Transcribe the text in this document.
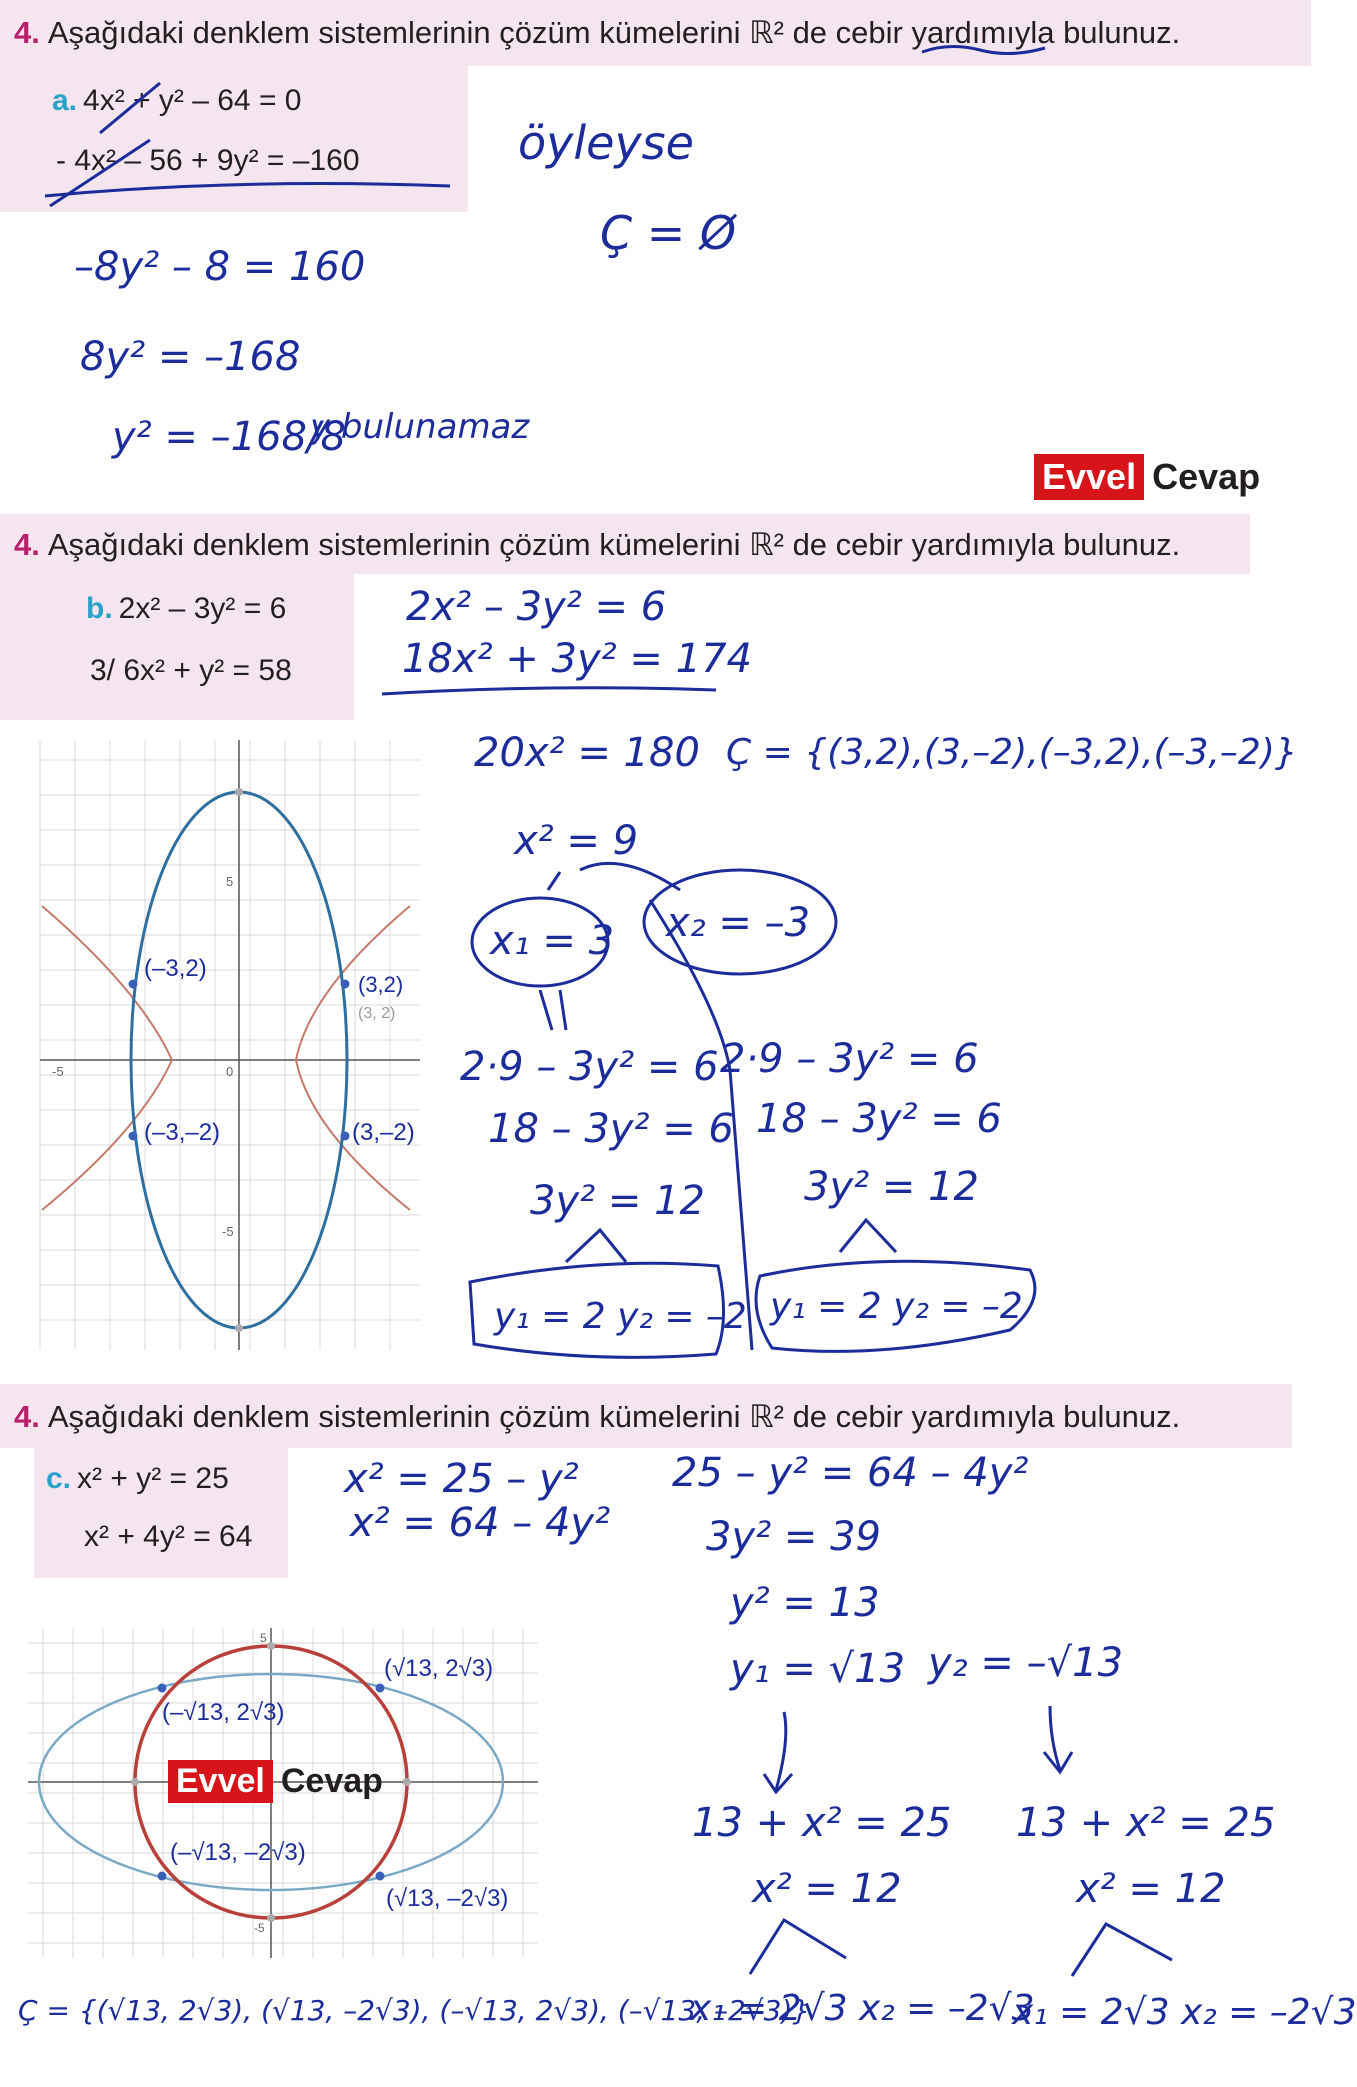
4. Aşağıdaki denklem sistemlerinin çözüm kümelerini ℝ² de cebir yardımıyla bulunuz.
a. 4x² + y² – 64 = 0
- 4x² – 56 + 9y² = –160	öyleyse
Ç = Ø
–8y² – 8 = 160
8y² = –168
y² = –168/8
y bulunamaz
Evvel Cevap
4. Aşağıdaki denklem sistemlerinin çözüm kümelerini ℝ² de cebir yardımıyla bulunuz.
b. 2x² – 3y² = 6
3/ 6x² + y² = 58
2x² – 3y² = 6
18x² + 3y² = 174
20x² = 180 Ç = {(3,2),(3,–2),(–3,2),(–3,–2)}
x² = 9
x₁ = 3 x₂ = –3
2·9 – 3y² = 6
18 – 3y² = 6
3y² = 12
2·9 – 3y² = 6
18 – 3y² = 6
3y² = 12
y₁ = 2 y₂ = –2 y₁ = 2 y₂ = –2
5
-5
-5	0
(–3,2)
(3,2)
(3, 2)
(–3,–2)	(3,–2)
4. Aşağıdaki denklem sistemlerinin çözüm kümelerini ℝ² de cebir yardımıyla bulunuz.
c. x² + y² = 25
x² + 4y² = 64
x² = 25 – y²
x² = 64 – 4y²
25 – y² = 64 – 4y²
3y² = 39
y² = 13
y₁ = √13 y₂ = –√13
13 + x² = 25
x² = 12
13 + x² = 25
x² = 12
x₁ = 2√3 x₂ = –2√3
x₁ = 2√3 x₂ = –2√3
Ç = {(√13, 2√3), (√13, –2√3), (–√13, 2√3), (–√13, –2√3)}
5
-5
(–√13, 2√3)
(√13, 2√3)
(–√13, –2√3)
(√13, –2√3)
Evvel Cevap
